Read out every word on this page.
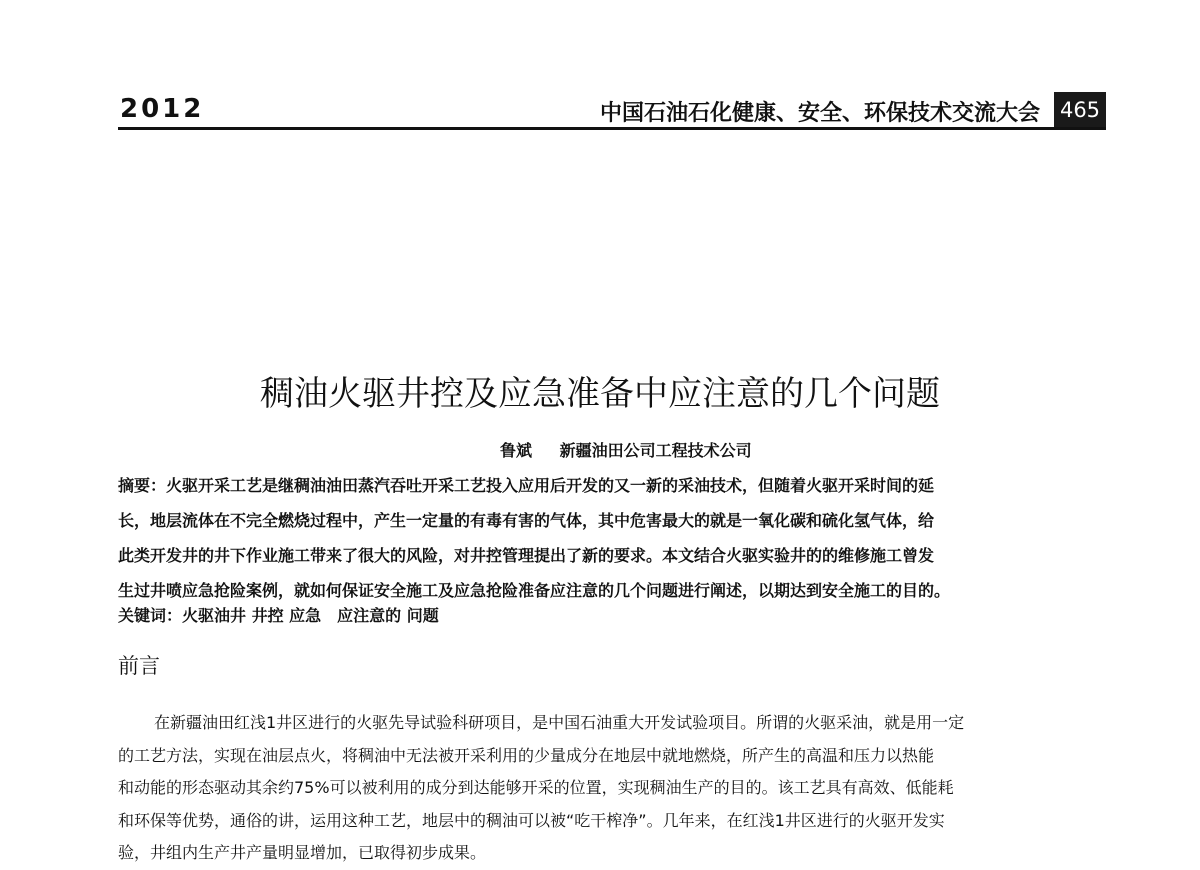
2012	中国石油石化健康、安全、环保技术交流大会 465
稠油火驱井控及应急准备中应注意的几个问题
鲁斌 新疆油田公司工程技术公司
摘要：火驱开采工艺是继稠油油田蒸汽吞吐开采工艺投入应用后开发的又一新的采油技术，但随着火驱开采时间的延
长，地层流体在不完全燃烧过程中，产生一定量的有毒有害的气体，其中危害最大的就是一氧化碳和硫化氢气体，给
此类开发井的井下作业施工带来了很大的风险，对井控管理提出了新的要求。本文结合火驱实验井的的维修施工曾发
生过井喷应急抢险案例，就如何保证安全施工及应急抢险准备应注意的几个问题进行阐述，以期达到安全施工的目的。
关键词：火驱油井 井控 应急　应注意的 问题
前言
在新疆油田红浅1井区进行的火驱先导试验科研项目，是中国石油重大开发试验项目。所谓的火驱采油，就是用一定
的工艺方法，实现在油层点火，将稠油中无法被开采利用的少量成分在地层中就地燃烧，所产生的高温和压力以热能
和动能的形态驱动其余约75%可以被利用的成分到达能够开采的位置，实现稠油生产的目的。该工艺具有高效、低能耗
和环保等优势，通俗的讲，运用这种工艺，地层中的稠油可以被“吃干榨净”。几年来，在红浅1井区进行的火驱开发实
验，井组内生产井产量明显增加，已取得初步成果。
